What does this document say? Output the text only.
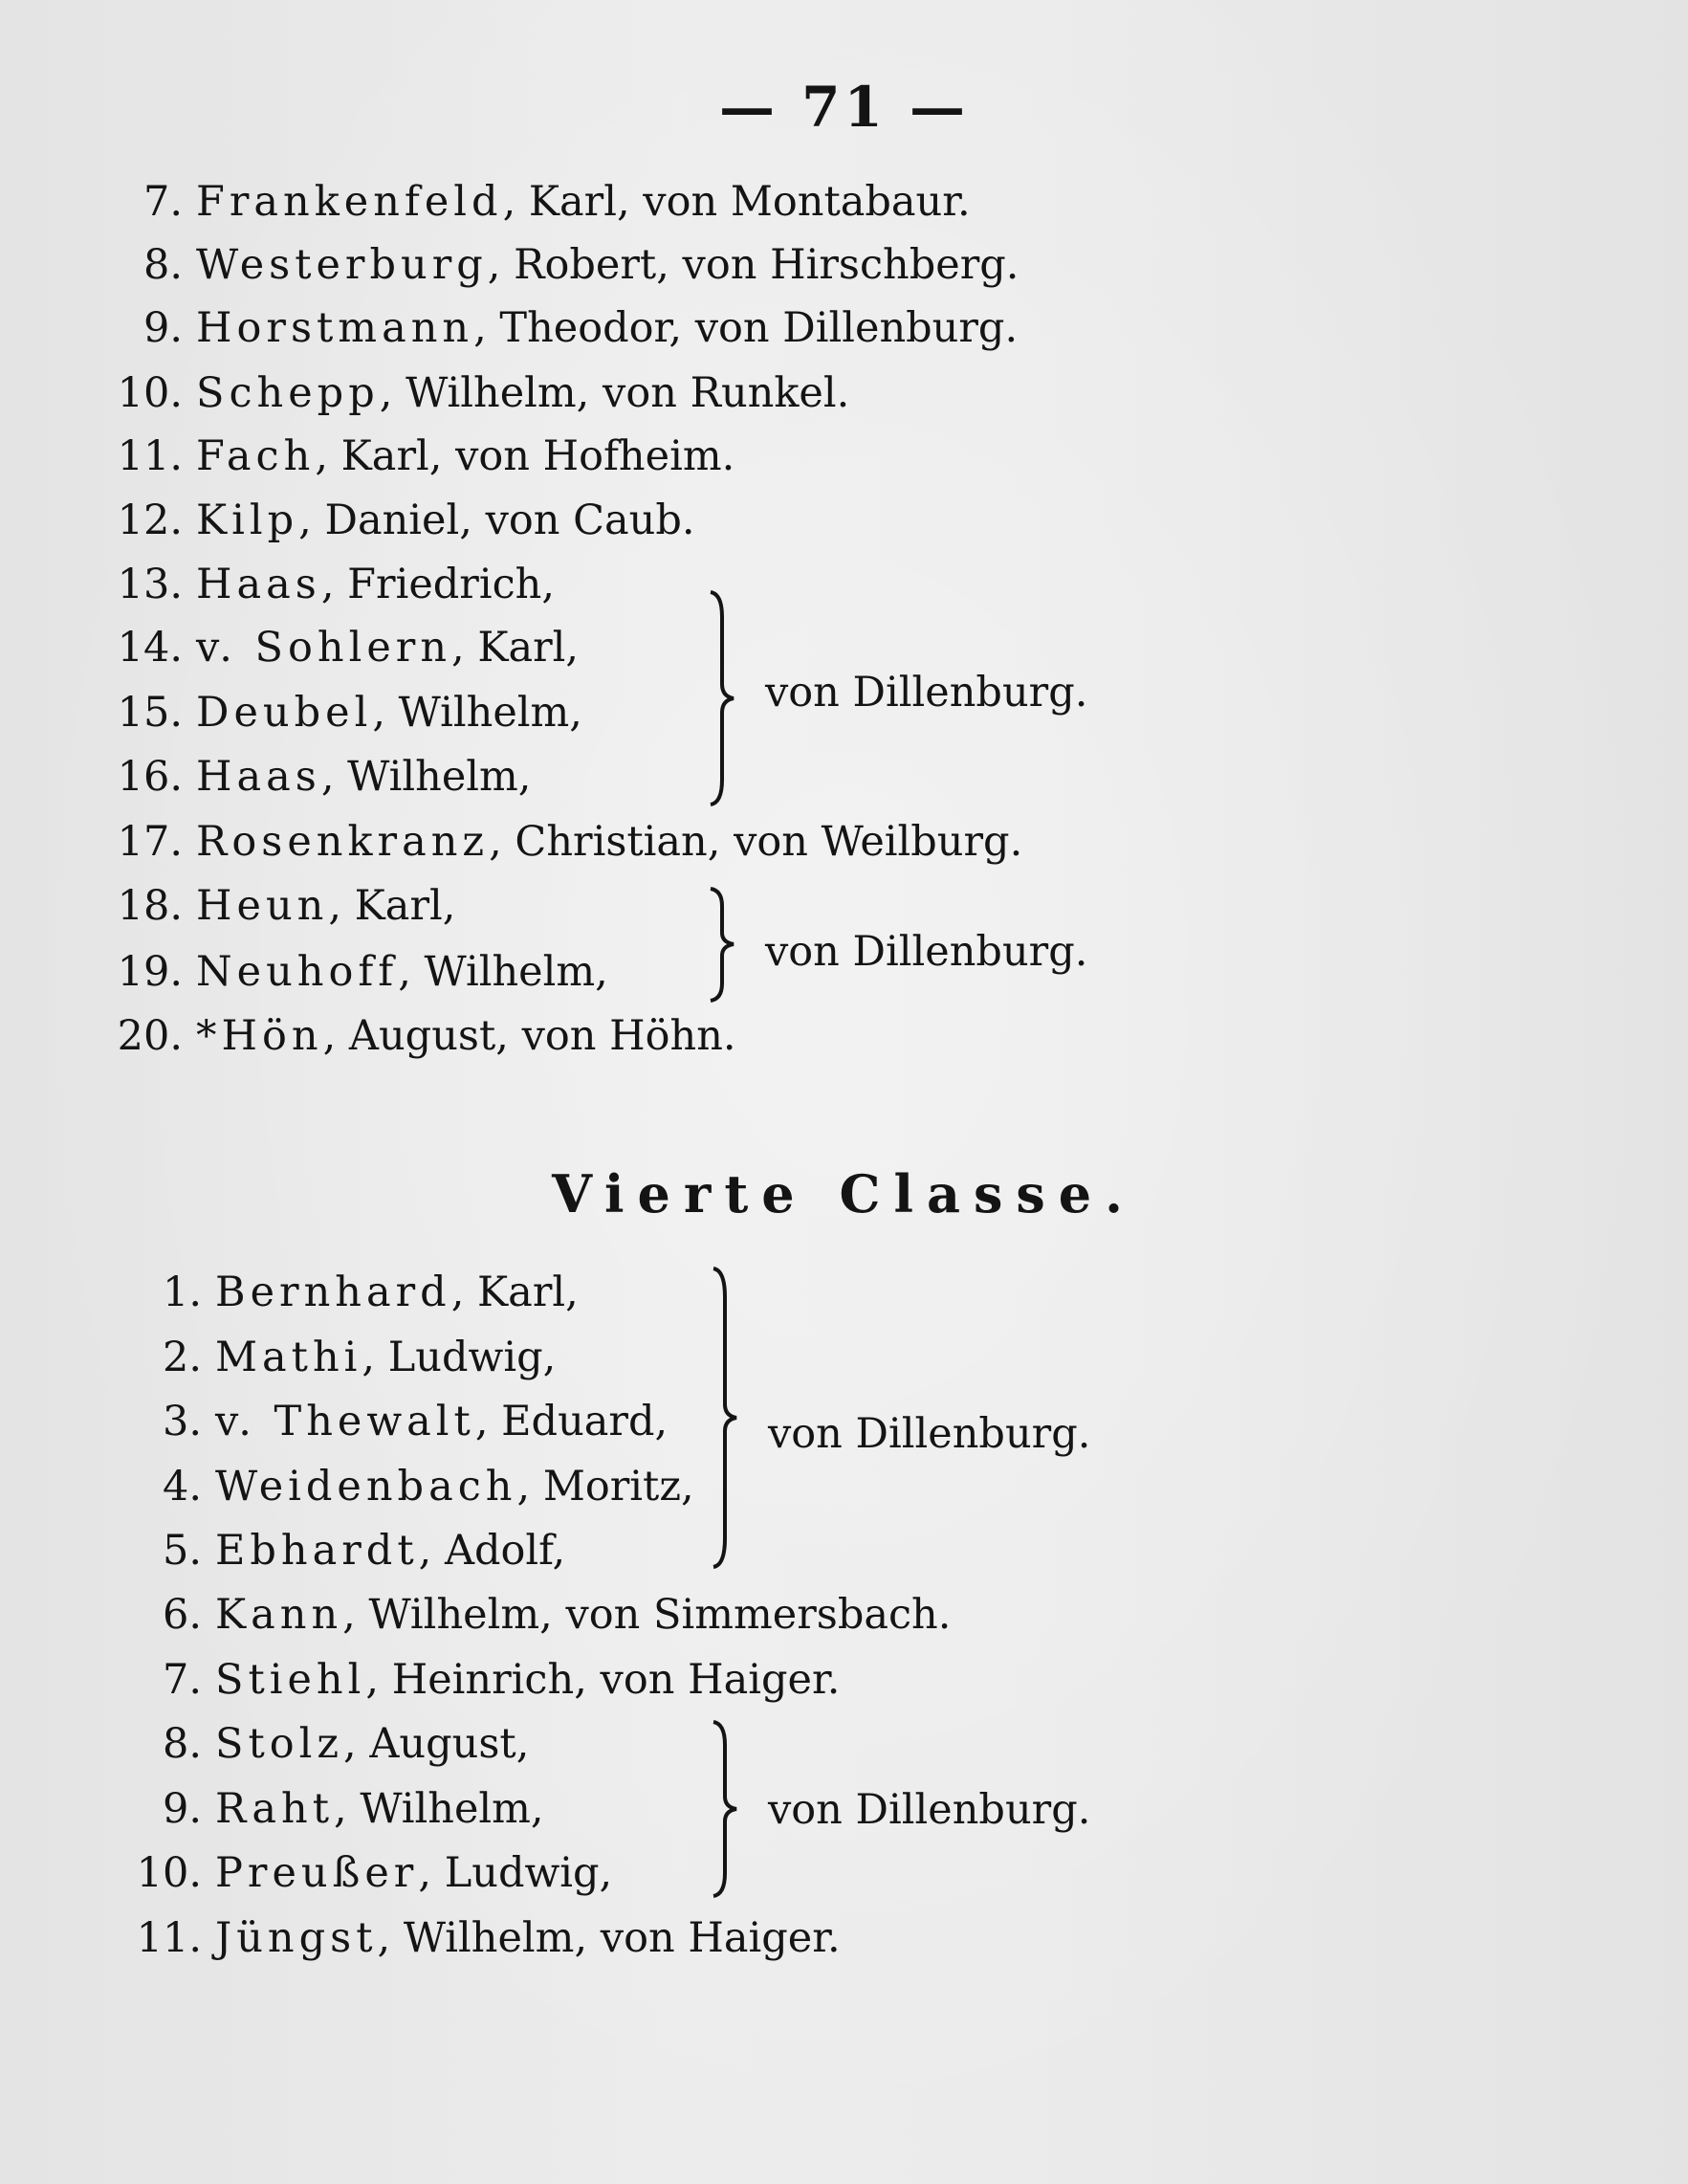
— 71 —
7. Frankenfeld, Karl, von Montabaur.
8. Westerburg, Robert, von Hirschberg.
9. Horstmann, Theodor, von Dillenburg.
10. Schepp, Wilhelm, von Runkel.
11. Fach, Karl, von Hofheim.
12. Kilp, Daniel, von Caub.
13. Haas, Friedrich,
14. v. Sohlern, Karl,
15. Deubel, Wilhelm,
16. Haas, Wilhelm,
17. Rosenkranz, Christian, von Weilburg.
18. Heun, Karl,
19. Neuhoff, Wilhelm,
20. *Hön, August, von Höhn.
von Dillenburg.
von Dillenburg.
Vierte Classe.
1. Bernhard, Karl,
2. Mathi, Ludwig,
3. v. Thewalt, Eduard,
4. Weidenbach, Moritz,
5. Ebhardt, Adolf,
6. Kann, Wilhelm, von Simmersbach.
7. Stiehl, Heinrich, von Haiger.
8. Stolz, August,
9. Raht, Wilhelm,
10. Preußer, Ludwig,
11. Jüngst, Wilhelm, von Haiger.
von Dillenburg.
von Dillenburg.
